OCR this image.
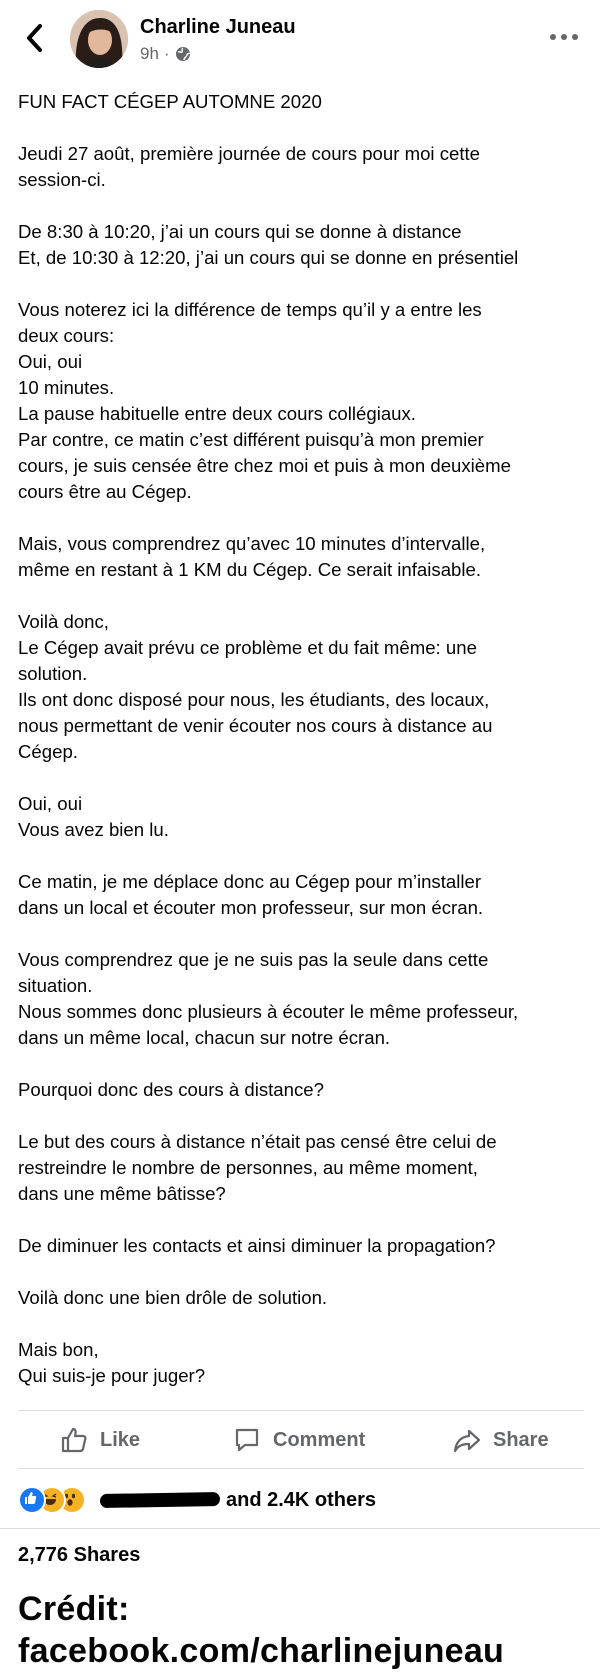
Charline Juneau
9h ·

FUN FACT CÉGEP AUTOMNE 2020

Jeudi 27 août, première journée de cours pour moi cette
session-ci.

De 8:30 à 10:20, j’ai un cours qui se donne à distance
Et, de 10:30 à 12:20, j’ai un cours qui se donne en présentiel

Vous noterez ici la différence de temps qu’il y a entre les
deux cours:
Oui, oui
10 minutes.
La pause habituelle entre deux cours collégiaux.
Par contre, ce matin c’est différent puisqu’à mon premier
cours, je suis censée être chez moi et puis à mon deuxième
cours être au Cégep.

Mais, vous comprendrez qu’avec 10 minutes d’intervalle,
même en restant à 1 KM du Cégep. Ce serait infaisable.

Voilà donc,
Le Cégep avait prévu ce problème et du fait même: une
solution.
Ils ont donc disposé pour nous, les étudiants, des locaux,
nous permettant de venir écouter nos cours à distance au
Cégep.

Oui, oui
Vous avez bien lu.

Ce matin, je me déplace donc au Cégep pour m’installer
dans un local et écouter mon professeur, sur mon écran.

Vous comprendrez que je ne suis pas la seule dans cette
situation.
Nous sommes donc plusieurs à écouter le même professeur,
dans un même local, chacun sur notre écran.

Pourquoi donc des cours à distance?

Le but des cours à distance n’était pas censé être celui de
restreindre le nombre de personnes, au même moment,
dans une même bâtisse?

De diminuer les contacts et ainsi diminuer la propagation?

Voilà donc une bien drôle de solution.

Mais bon,
Qui suis-je pour juger?

Like	Comment	Share
and 2.4K others
2,776 Shares
Crédit:
facebook.com/charlinejuneau
